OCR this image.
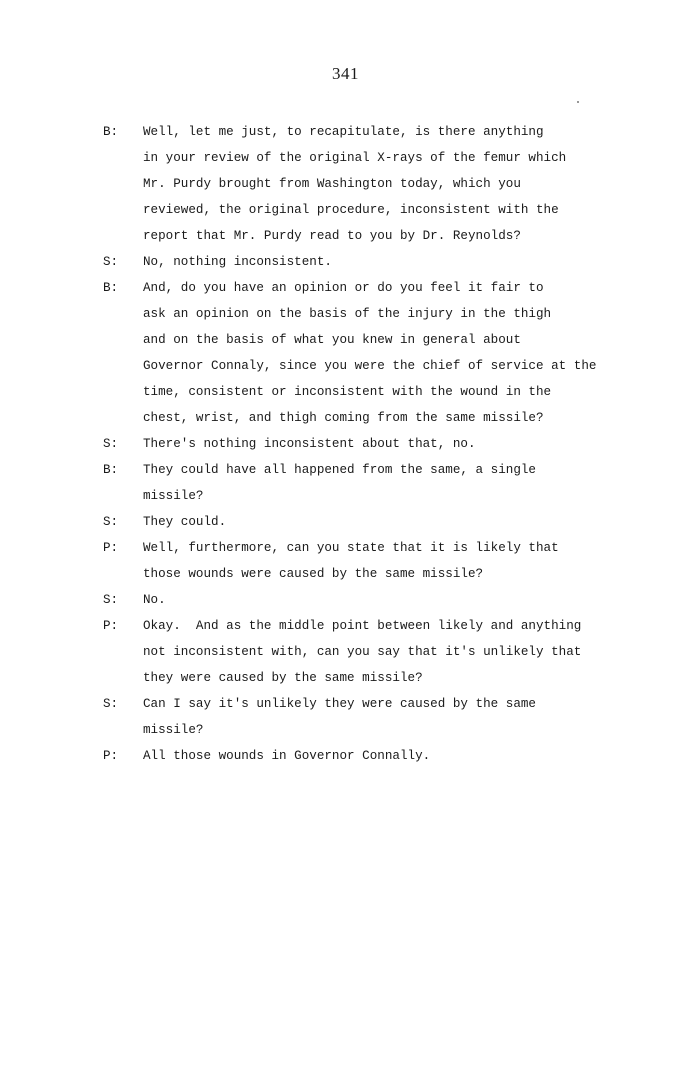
341
B:	Well, let me just, to recapitulate, is there anything
in your review of the original X-rays of the femur which
Mr. Purdy brought from Washington today, which you
reviewed, the original procedure, inconsistent with the
report that Mr. Purdy read to you by Dr. Reynolds?
S:	No, nothing inconsistent.
B:	And, do you have an opinion or do you feel it fair to
ask an opinion on the basis of the injury in the thigh
and on the basis of what you knew in general about
Governor Connaly, since you were the chief of service at the
time, consistent or inconsistent with the wound in the
chest, wrist, and thigh coming from the same missile?
S:	There's nothing inconsistent about that, no.
B:	They could have all happened from the same, a single
missile?
S:	They could.
P:	Well, furthermore, can you state that it is likely that
those wounds were caused by the same missile?
S:	No.
P:	Okay.  And as the middle point between likely and anything
not inconsistent with, can you say that it's unlikely that
they were caused by the same missile?
S:	Can I say it's unlikely they were caused by the same
missile?
P:	All those wounds in Governor Connally.
